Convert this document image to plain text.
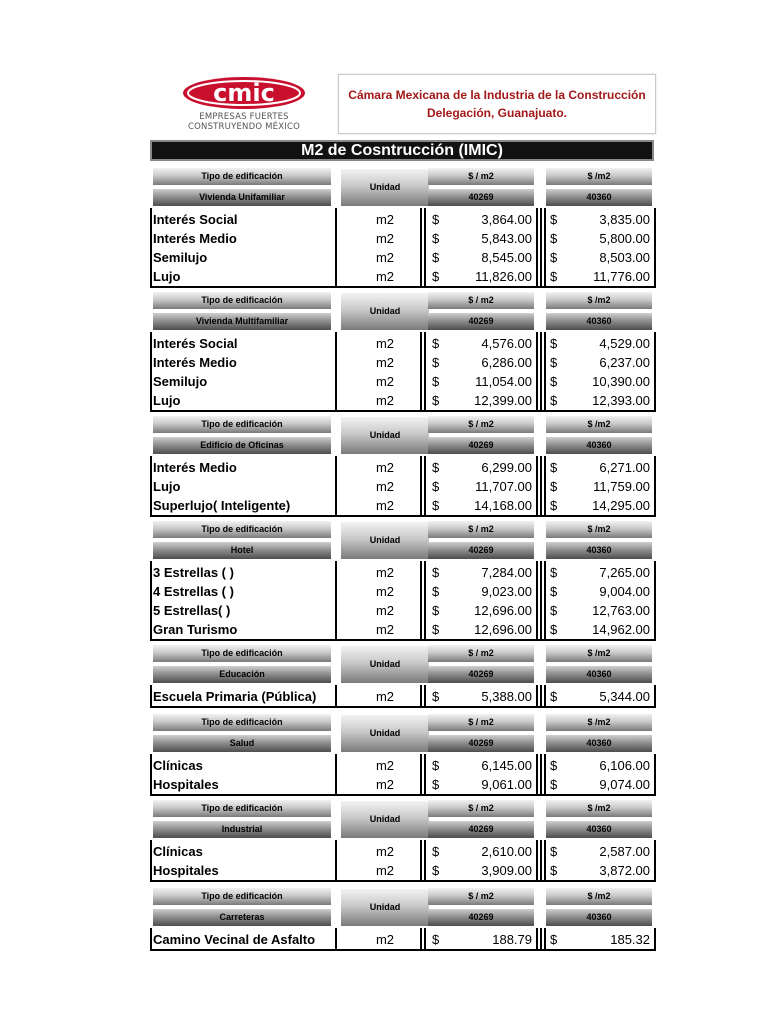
cmic
EMPRESAS FUERTES
CONSTRUYENDO MÉXICO
Cámara Mexicana de la Industria de la Construcción
Delegación, Guanajuato.
M2 de Cosntrucción (IMIC)
Tipo de edificación
Vivienda Unifamiliar
Unidad
$ / m2
40269
$ /m2
40360
Interés Social	m2	$	3,864.00 $	3,835.00
Interés Medio	m2	$	5,843.00 $	5,800.00
Semilujo	m2	$	8,545.00 $	8,503.00
Lujo	m2	$	11,826.00 $	11,776.00
Tipo de edificación
Vivienda Multifamiliar
Unidad
$ / m2
40269
$ /m2
40360
Interés Social	m2	$	4,576.00 $	4,529.00
Interés Medio	m2	$	6,286.00 $	6,237.00
Semilujo	m2	$	11,054.00 $	10,390.00
Lujo	m2	$	12,399.00 $	12,393.00
Tipo de edificación
Edificio de Oficinas
Unidad
$ / m2
40269
$ /m2
40360
Interés Medio	m2	$	6,299.00 $	6,271.00
Lujo	m2	$	11,707.00 $	11,759.00
Superlujo( Inteligente)	m2	$	14,168.00 $	14,295.00
Tipo de edificación
Hotel
Unidad
$ / m2
40269
$ /m2
40360
3 Estrellas ( )	m2	$	7,284.00 $	7,265.00
4 Estrellas ( )	m2	$	9,023.00 $	9,004.00
5 Estrellas( )	m2	$	12,696.00 $	12,763.00
Gran Turismo	m2	$	12,696.00 $	14,962.00
Tipo de edificación
Educación
Unidad
$ / m2
40269
$ /m2
40360
Escuela Primaria (Pública)	m2	$	5,388.00 $	5,344.00
Tipo de edificación
Salud
Unidad
$ / m2
40269
$ /m2
40360
Clínicas	m2	$	6,145.00 $	6,106.00
Hospitales	m2	$	9,061.00 $	9,074.00
Tipo de edificación
Industrial
Unidad
$ / m2
40269
$ /m2
40360
Clínicas	m2	$	2,610.00 $	2,587.00
Hospitales	m2	$	3,909.00 $	3,872.00
Tipo de edificación
Carreteras
Unidad
$ / m2
40269
$ /m2
40360
Camino Vecinal de Asfalto	m2	$	188.79 $	185.32
